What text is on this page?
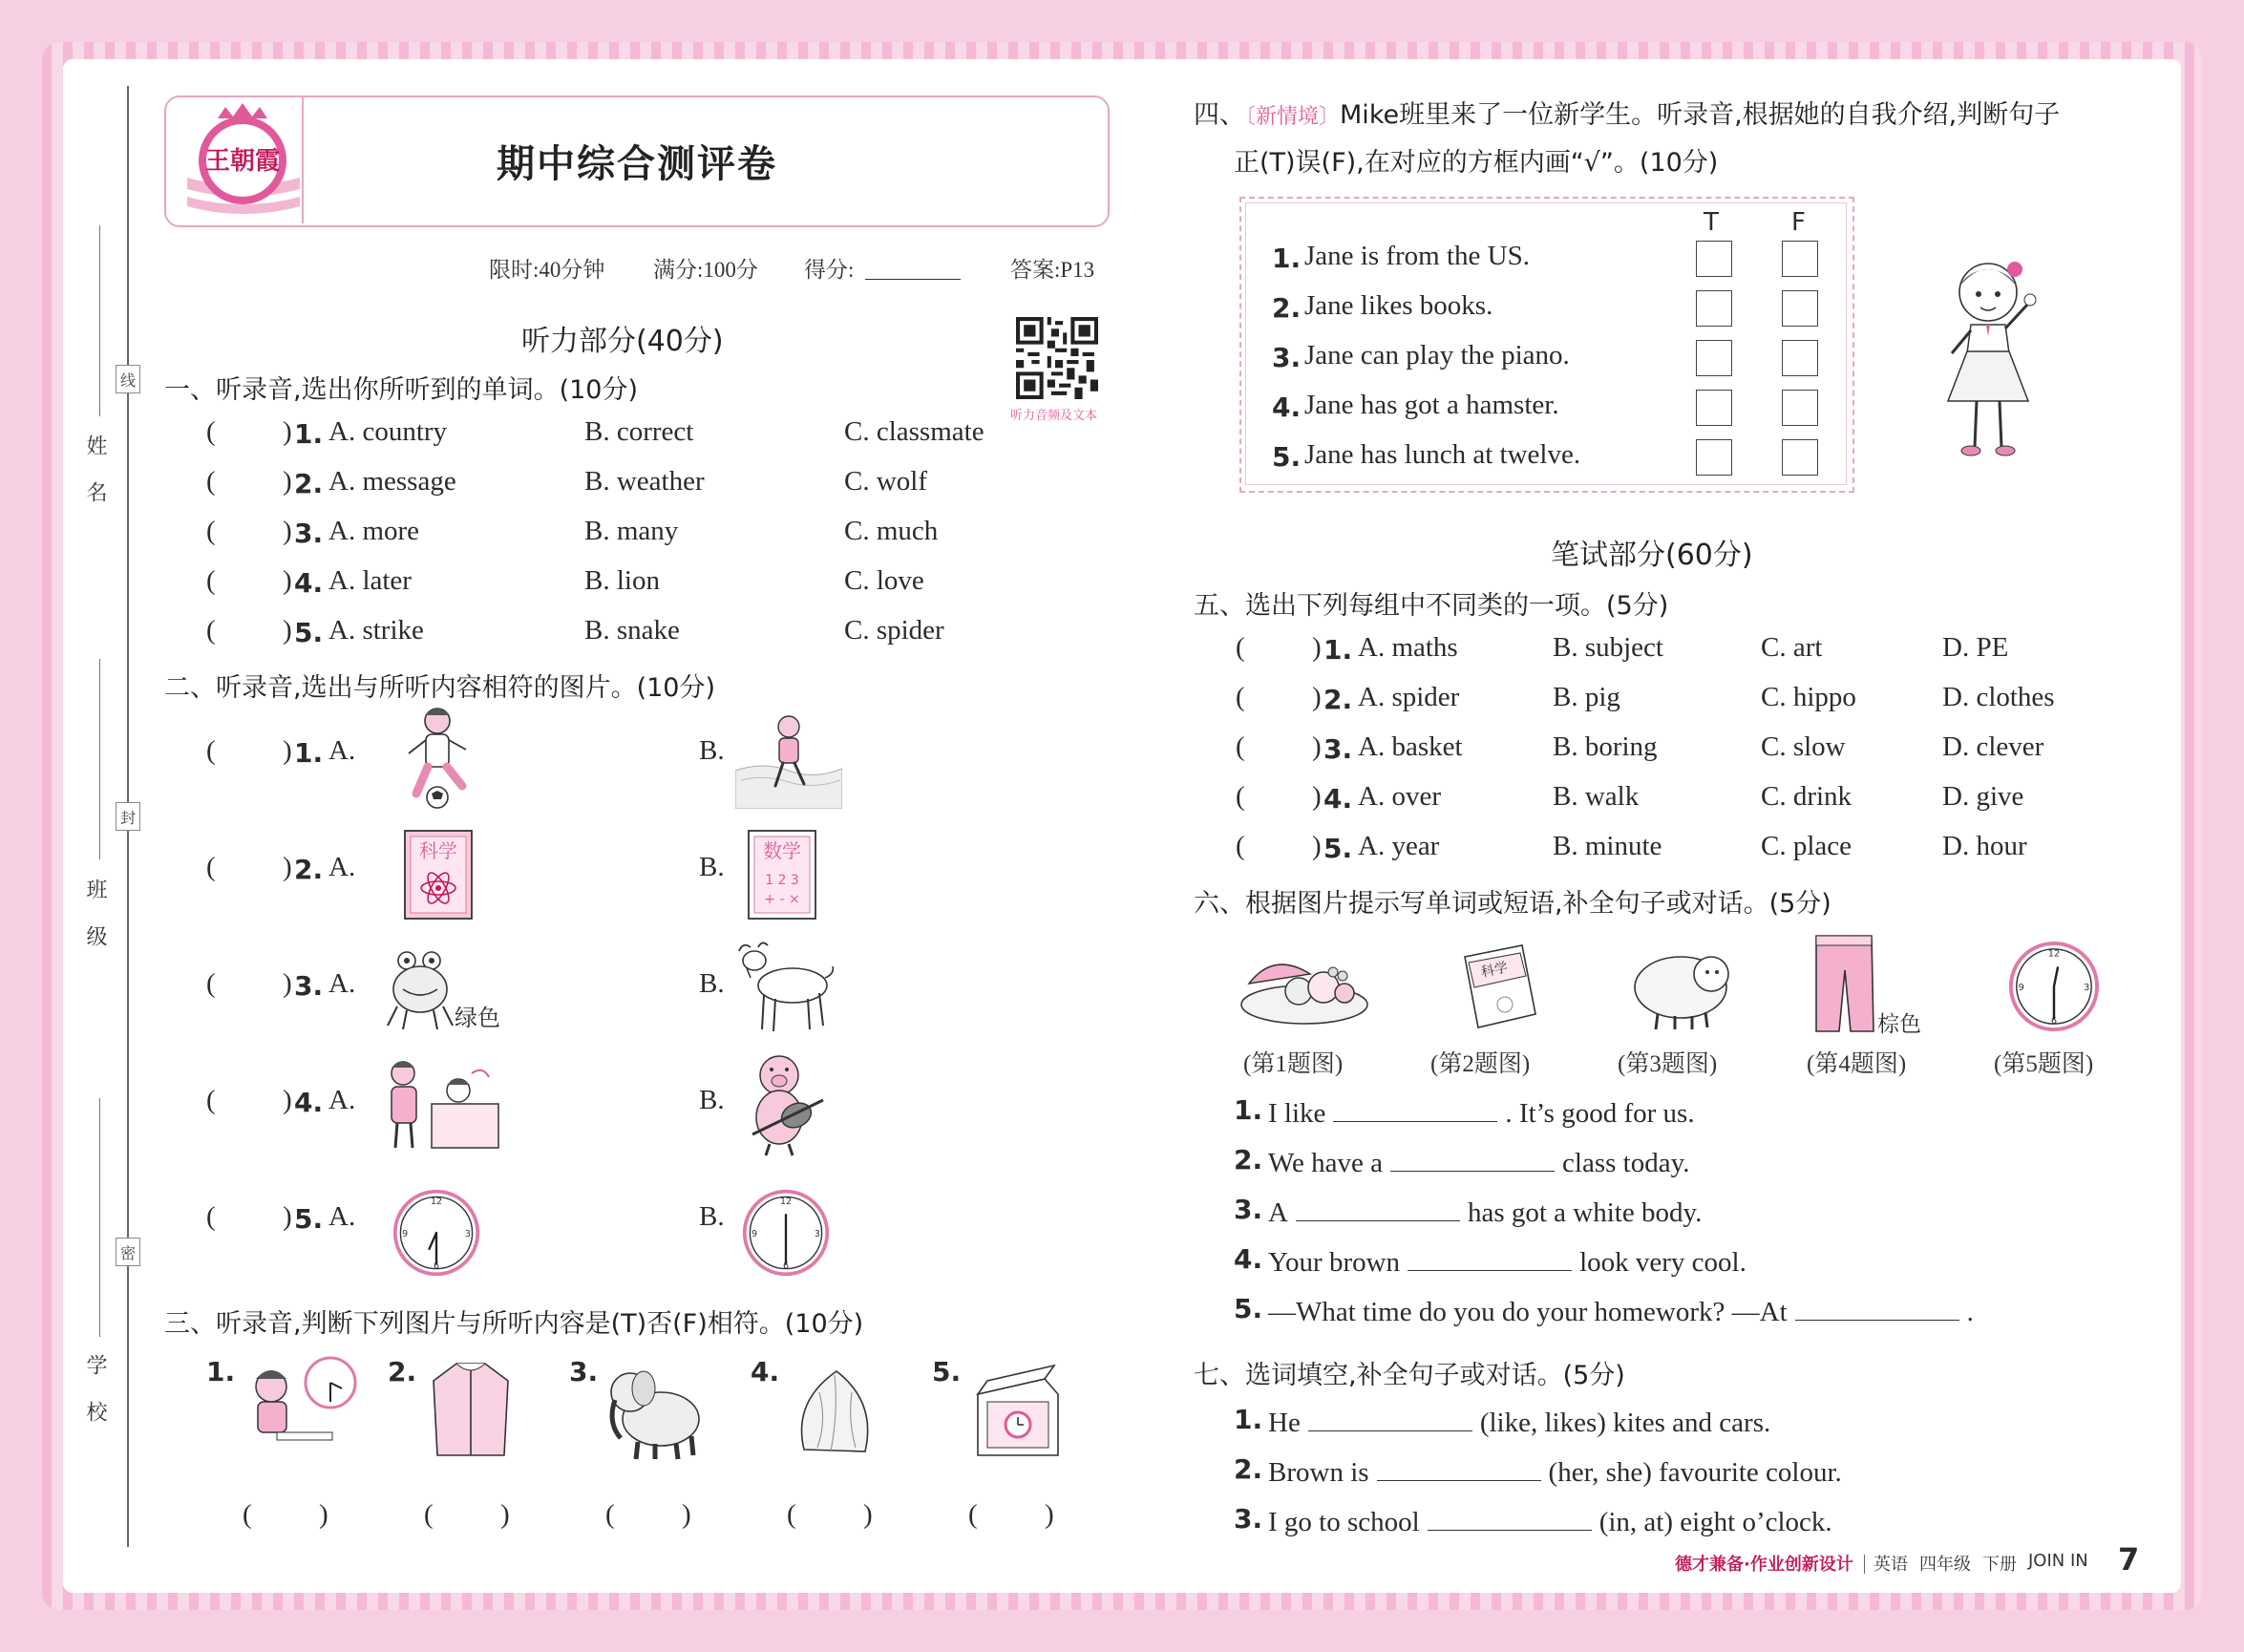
姓 名
班 级
学 校
线
封
密
期中综合测评卷
王朝霞
限时:40分钟 满分:100分 得分:	答案:P13
听力音频及文本
听力部分(40分)
一、听录音,选出你所听到的单词。(10分)
二、听录音,选出与所听内容相符的图片。(10分)
科学	数学
1 2 3
+ - ×
绿色
12
3
6
9
12
3
6
9
三、听录音,判断下列图片与所听内容是(T)否(F)相符。(10分)
四、〔新情境〕Mike班里来了一位新学生。听录音,根据她的自我介绍,判断句子
正(T)误(F),在对应的方框内画“√”。(10分)
T	F
笔试部分(60分)
五、选出下列每组中不同类的一项。(5分)
六、根据图片提示写单词或短语,补全句子或对话。(5分)
科学
棕色
12
3
6
9
七、选词填空,补全句子或对话。(5分)
德才兼备·作业创新设计 英语 四年级 下册 JOIN IN 7
( ) 1. A. country	B. correct	C. classmate
( ) 2. A. message	B. weather	C. wolf
( ) 3. A. more	B. many	C. much
( ) 4. A. later	B. lion	C. love
( ) 5. A. strike	B. snake	C. spider
( ) 1. A.	B.
( ) 2. A.	B.
( ) 3. A.	B.
( ) 4. A.	B.
( ) 5. A.	B.
1.
( )
2.
( )
3.
( )
4.
( )
5.
( )
1. Jane is from the US.
2. Jane likes books.
3. Jane can play the piano.
4. Jane has got a hamster.
5. Jane has lunch at twelve.
( ) 1. A. maths	B. subject	C. art	D. PE
( ) 2. A. spider	B. pig	C. hippo	D. clothes
( ) 3. A. basket	B. boring	C. slow	D. clever
( ) 4. A. over	B. walk	C. drink	D. give
( ) 5. A. year	B. minute	C. place	D. hour
(第1题图)	(第2题图)	(第3题图)	(第4题图)	(第5题图)
1. I like	. It’s good for us.
2. We have a	class today.
3. A	has got a white body.
4. Your brown	look very cool.
5. —What time do you do your homework? —At	.
1. He	(like, likes) kites and cars.
2. Brown is	(her, she) favourite colour.
3. I go to school	(in, at) eight o’clock.
